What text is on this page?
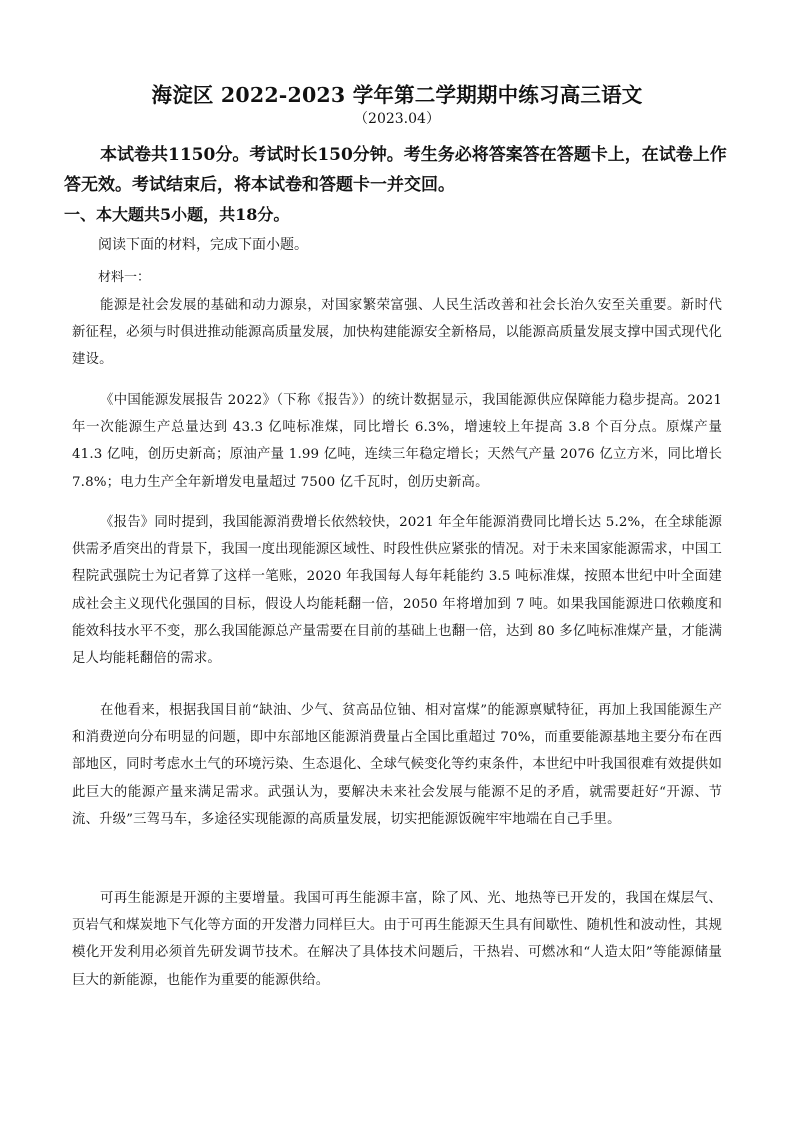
海淀区 2022-2023 学年第二学期期中练习高三语文
（2023.04）
本试卷共1150分。考试时长150分钟。考生务必将答案答在答题卡上，在试卷上作答无效。考试结束后，将本试卷和答题卡一并交回。
一、本大题共5小题，共18分。
阅读下面的材料，完成下面小题。
材料一：
能源是社会发展的基础和动力源泉，对国家繁荣富强、人民生活改善和社会长治久安至关重要。新时代新征程，必须与时俱进推动能源高质量发展，加快构建能源安全新格局，以能源高质量发展支撑中国式现代化建设。
《中国能源发展报告 2022》（下称《报告》）的统计数据显示，我国能源供应保障能力稳步提高。2021年一次能源生产总量达到 43.3 亿吨标准煤，同比增长 6.3%，增速较上年提高 3.8 个百分点。原煤产量 41.3 亿吨，创历史新高；原油产量 1.99 亿吨，连续三年稳定增长；天然气产量 2076 亿立方米，同比增长 7.8%；电力生产全年新增发电量超过 7500 亿千瓦时，创历史新高。
《报告》同时提到，我国能源消费增长依然较快，2021 年全年能源消费同比增长达 5.2%，在全球能源供需矛盾突出的背景下，我国一度出现能源区域性、时段性供应紧张的情况。对于未来国家能源需求，中国工程院武强院士为记者算了这样一笔账，2020 年我国每人每年耗能约 3.5 吨标准煤，按照本世纪中叶全面建成社会主义现代化强国的目标，假设人均能耗翻一倍，2050 年将增加到 7 吨。如果我国能源进口依赖度和能效科技水平不变，那么我国能源总产量需要在目前的基础上也翻一倍，达到 80 多亿吨标准煤产量，才能满足人均能耗翻倍的需求。
在他看来，根据我国目前“缺油、少气、贫高品位铀、相对富煤”的能源禀赋特征，再加上我国能源生产和消费逆向分布明显的问题，即中东部地区能源消费量占全国比重超过 70%，而重要能源基地主要分布在西部地区，同时考虑水土气的环境污染、生态退化、全球气候变化等约束条件，本世纪中叶我国很难有效提供如此巨大的能源产量来满足需求。武强认为，要解决未来社会发展与能源不足的矛盾，就需要赶好“开源、节流、升级”三驾马车，多途径实现能源的高质量发展，切实把能源饭碗牢牢地端在自己手里。
可再生能源是开源的主要增量。我国可再生能源丰富，除了风、光、地热等已开发的，我国在煤层气、页岩气和煤炭地下气化等方面的开发潜力同样巨大。由于可再生能源天生具有间歇性、随机性和波动性，其规模化开发利用必须首先研发调节技术。在解决了具体技术问题后，干热岩、可燃冰和“人造太阳”等能源储量巨大的新能源，也能作为重要的能源供给。
